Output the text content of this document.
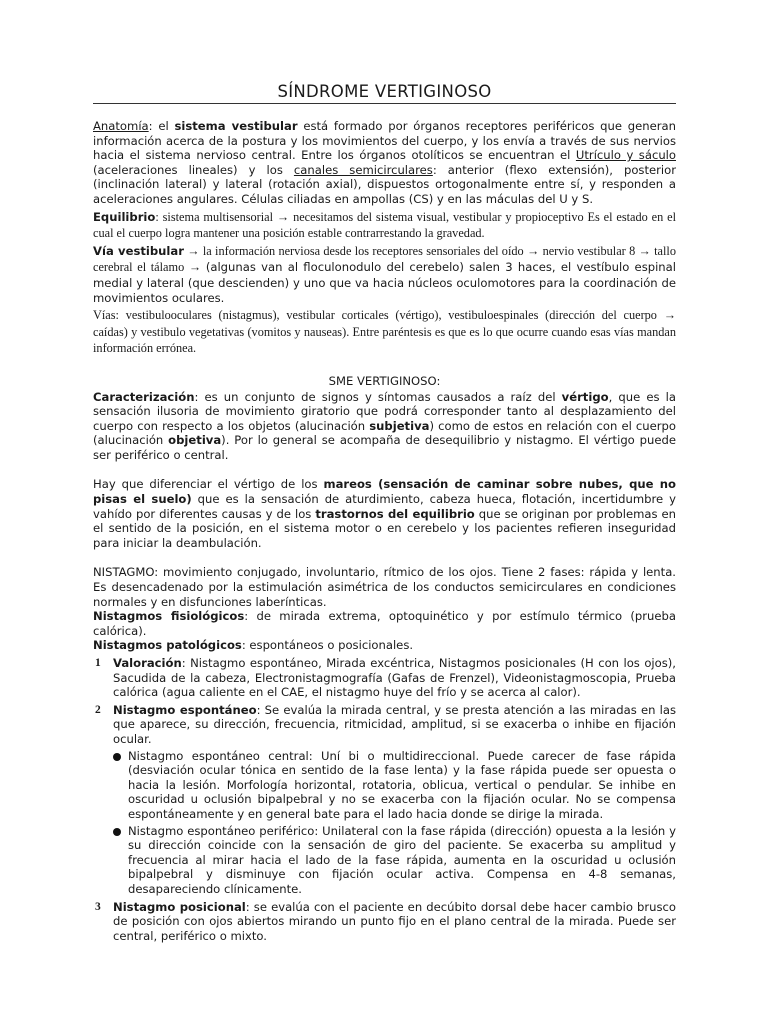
SÍNDROME VERTIGINOSO

Anatomía: el sistema vestibular está formado por órganos receptores periféricos que generan información acerca de la postura y los movimientos del cuerpo, y los envía a través de sus nervios hacia el sistema nervioso central. Entre los órganos otolíticos se encuentran el Utrículo y sáculo (aceleraciones lineales) y los canales semicirculares: anterior (flexo extensión), posterior (inclinación lateral) y lateral (rotación axial), dispuestos ortogonalmente entre sí, y responden a aceleraciones angulares. Células ciliadas en ampollas (CS) y en las máculas del U y S.

Equilibrio: sistema multisensorial → necesitamos del sistema visual, vestibular y propioceptivo Es el estado en el cual el cuerpo logra mantener una posición estable contrarrestando la gravedad.

Vía vestibular → la información nerviosa desde los receptores sensoriales del oído → nervio vestibular 8 → tallo cerebral el tálamo → (algunas van al floculonodulo del cerebelo) salen 3 haces, el vestíbulo espinal medial y lateral (que descienden) y uno que va hacia núcleos oculomotores para la coordinación de movimientos oculares.

Vías: vestibulooculares (nistagmus), vestibular corticales (vértigo), vestibuloespinales (dirección del cuerpo → caídas) y vestibulo vegetativas (vomitos y nauseas). Entre paréntesis es que es lo que ocurre cuando esas vías mandan información errónea.

SME VERTIGINOSO:

Caracterización: es un conjunto de signos y síntomas causados a raíz del vértigo, que es la sensación ilusoria de movimiento giratorio que podrá corresponder tanto al desplazamiento del cuerpo con respecto a los objetos (alucinación subjetiva) como de estos en relación con el cuerpo (alucinación objetiva). Por lo general se acompaña de desequilibrio y nistagmo. El vértigo puede ser periférico o central.

Hay que diferenciar el vértigo de los mareos (sensación de caminar sobre nubes, que no pisas el suelo) que es la sensación de aturdimiento, cabeza hueca, flotación, incertidumbre y vahído por diferentes causas y de los trastornos del equilibrio que se originan por problemas en el sentido de la posición, en el sistema motor o en cerebelo y los pacientes refieren inseguridad para iniciar la deambulación.

NISTAGMO: movimiento conjugado, involuntario, rítmico de los ojos. Tiene 2 fases: rápida y lenta. Es desencadenado por la estimulación asimétrica de los conductos semicirculares en condiciones normales y en disfunciones laberínticas.

Nistagmos fisiológicos: de mirada extrema, optoquinético y por estímulo térmico (prueba calórica).

Nistagmos patológicos: espontáneos o posicionales.

1 Valoración: Nistagmo espontáneo, Mirada excéntrica, Nistagmos posicionales (H con los ojos), Sacudida de la cabeza, Electronistagmografía (Gafas de Frenzel), Videonistagmoscopia, Prueba calórica (agua caliente en el CAE, el nistagmo huye del frío y se acerca al calor).
2 Nistagmo espontáneo: Se evalúa la mirada central, y se presta atención a las miradas en las que aparece, su dirección, frecuencia, ritmicidad, amplitud, si se exacerba o inhibe en fijación ocular.
Nistagmo espontáneo central: Uní bi o multidireccional. Puede carecer de fase rápida (desviación ocular tónica en sentido de la fase lenta) y la fase rápida puede ser opuesta o hacia la lesión. Morfología horizontal, rotatoria, oblicua, vertical o pendular. Se inhibe en oscuridad u oclusión bipalpebral y no se exacerba con la fijación ocular. No se compensa espontáneamente y en general bate para el lado hacia donde se dirige la mirada.
Nistagmo espontáneo periférico: Unilateral con la fase rápida (dirección) opuesta a la lesión y su dirección coincide con la sensación de giro del paciente. Se exacerba su amplitud y frecuencia al mirar hacia el lado de la fase rápida, aumenta en la oscuridad u oclusión bipalpebral y disminuye con fijación ocular activa. Compensa en 4-8 semanas, desapareciendo clínicamente.
3 Nistagmo posicional: se evalúa con el paciente en decúbito dorsal debe hacer cambio brusco de posición con ojos abiertos mirando un punto fijo en el plano central de la mirada. Puede ser central, periférico o mixto.
